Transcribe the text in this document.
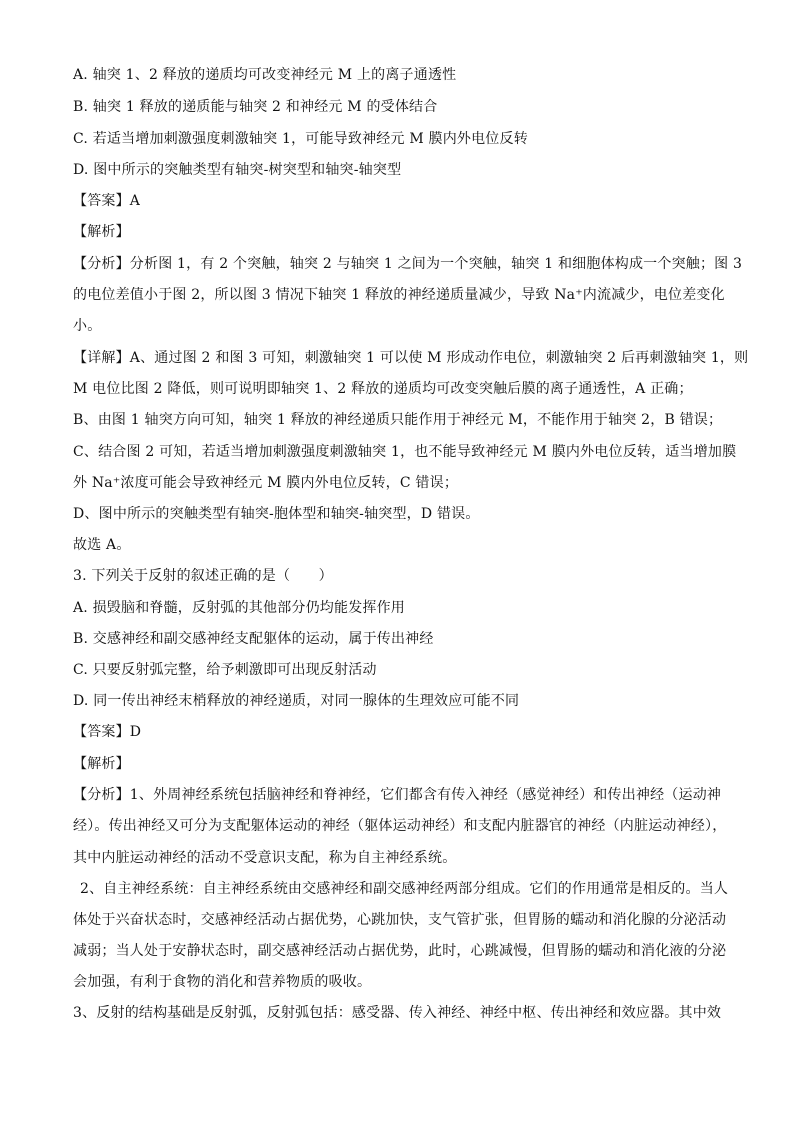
A. 轴突 1、2 释放的递质均可改变神经元 M 上的离子通透性
B. 轴突 1 释放的递质能与轴突 2 和神经元 M 的受体结合
C. 若适当增加刺激强度刺激轴突 1，可能导致神经元 M 膜内外电位反转
D. 图中所示的突触类型有轴突-树突型和轴突-轴突型
【答案】A
【解析】
【分析】分析图 1，有 2 个突触，轴突 2 与轴突 1 之间为一个突触，轴突 1 和细胞体构成一个突触；图 3
的电位差值小于图 2，所以图 3 情况下轴突 1 释放的神经递质量减少，导致 Na⁺内流减少，电位差变化
小。
【详解】A、通过图 2 和图 3 可知，刺激轴突 1 可以使 M 形成动作电位，刺激轴突 2 后再刺激轴突 1，则
M 电位比图 2 降低，则可说明即轴突 1、2 释放的递质均可改变突触后膜的离子通透性，A 正确；
B、由图 1 轴突方向可知，轴突 1 释放的神经递质只能作用于神经元 M，不能作用于轴突 2，B 错误；
C、结合图 2 可知，若适当增加刺激强度刺激轴突 1，也不能导致神经元 M 膜内外电位反转，适当增加膜
外 Na⁺浓度可能会导致神经元 M 膜内外电位反转，C 错误；
D、图中所示的突触类型有轴突-胞体型和轴突-轴突型，D 错误。
故选 A。
3. 下列关于反射的叙述正确的是（　　）
A. 损毁脑和脊髓，反射弧的其他部分仍均能发挥作用
B. 交感神经和副交感神经支配躯体的运动，属于传出神经
C. 只要反射弧完整，给予刺激即可出现反射活动
D. 同一传出神经末梢释放的神经递质，对同一腺体的生理效应可能不同
【答案】D
【解析】
【分析】1、外周神经系统包括脑神经和脊神经，它们都含有传入神经（感觉神经）和传出神经（运动神
经）。传出神经又可分为支配躯体运动的神经（躯体运动神经）和支配内脏器官的神经（内脏运动神经），
其中内脏运动神经的活动不受意识支配，称为自主神经系统。
2、自主神经系统：自主神经系统由交感神经和副交感神经两部分组成。它们的作用通常是相反的。当人
体处于兴奋状态时，交感神经活动占据优势，心跳加快，支气管扩张，但胃肠的蠕动和消化腺的分泌活动
减弱；当人处于安静状态时，副交感神经活动占据优势，此时，心跳减慢，但胃肠的蠕动和消化液的分泌
会加强，有利于食物的消化和营养物质的吸收。
3、反射的结构基础是反射弧，反射弧包括：感受器、传入神经、神经中枢、传出神经和效应器。其中效
